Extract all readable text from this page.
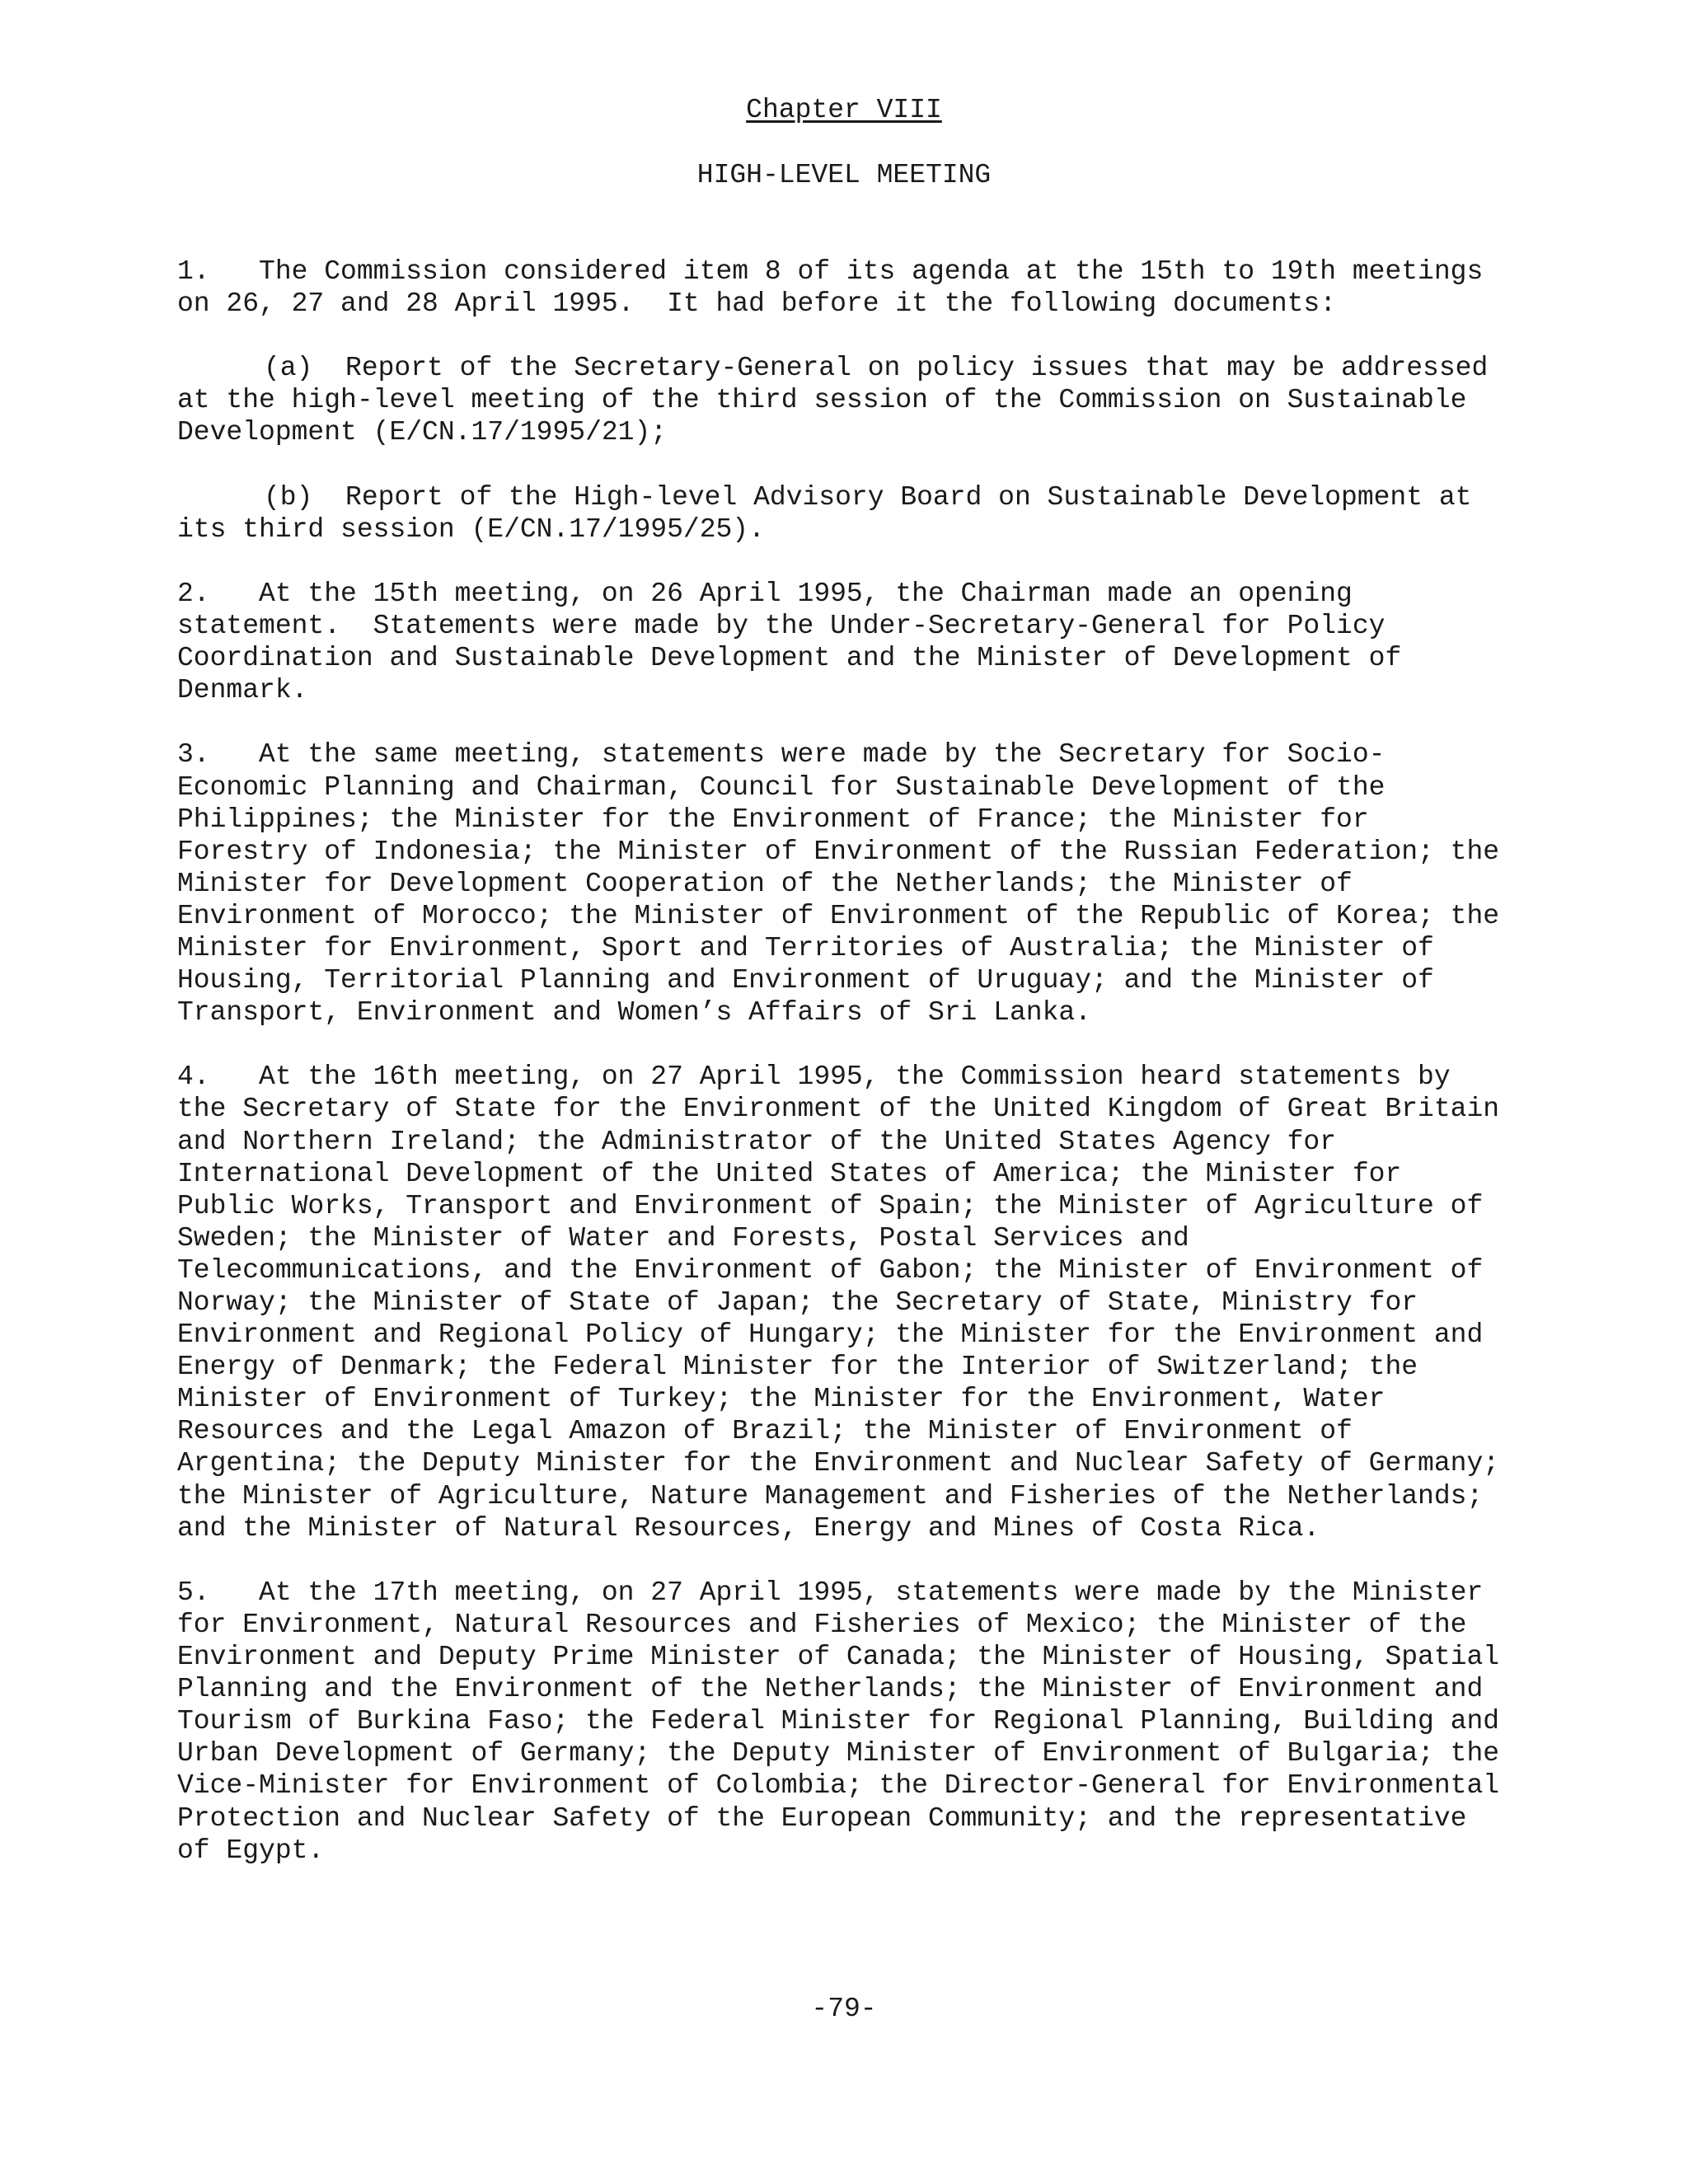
Chapter VIII

HIGH-LEVEL MEETING

1.   The Commission considered item 8 of its agenda at the 15th to 19th meetings on 26, 27 and 28 April 1995.  It had before it the following documents:

(a)  Report of the Secretary-General on policy issues that may be addressed at the high-level meeting of the third session of the Commission on Sustainable Development (E/CN.17/1995/21);

(b)  Report of the High-level Advisory Board on Sustainable Development at its third session (E/CN.17/1995/25).

2.   At the 15th meeting, on 26 April 1995, the Chairman made an opening statement.  Statements were made by the Under-Secretary-General for Policy Coordination and Sustainable Development and the Minister of Development of Denmark.

3.   At the same meeting, statements were made by the Secretary for Socio-Economic Planning and Chairman, Council for Sustainable Development of the Philippines; the Minister for the Environment of France; the Minister for Forestry of Indonesia; the Minister of Environment of the Russian Federation; the Minister for Development Cooperation of the Netherlands; the Minister of Environment of Morocco; the Minister of Environment of the Republic of Korea; the Minister for Environment, Sport and Territories of Australia; the Minister of Housing, Territorial Planning and Environment of Uruguay; and the Minister of Transport, Environment and Women’s Affairs of Sri Lanka.

4.   At the 16th meeting, on 27 April 1995, the Commission heard statements by the Secretary of State for the Environment of the United Kingdom of Great Britain and Northern Ireland; the Administrator of the United States Agency for International Development of the United States of America; the Minister for Public Works, Transport and Environment of Spain; the Minister of Agriculture of Sweden; the Minister of Water and Forests, Postal Services and Telecommunications, and the Environment of Gabon; the Minister of Environment of Norway; the Minister of State of Japan; the Secretary of State, Ministry for Environment and Regional Policy of Hungary; the Minister for the Environment and Energy of Denmark; the Federal Minister for the Interior of Switzerland; the Minister of Environment of Turkey; the Minister for the Environment, Water Resources and the Legal Amazon of Brazil; the Minister of Environment of Argentina; the Deputy Minister for the Environment and Nuclear Safety of Germany; the Minister of Agriculture, Nature Management and Fisheries of the Netherlands; and the Minister of Natural Resources, Energy and Mines of Costa Rica.

5.   At the 17th meeting, on 27 April 1995, statements were made by the Minister for Environment, Natural Resources and Fisheries of Mexico; the Minister of the Environment and Deputy Prime Minister of Canada; the Minister of Housing, Spatial Planning and the Environment of the Netherlands; the Minister of Environment and Tourism of Burkina Faso; the Federal Minister for Regional Planning, Building and Urban Development of Germany; the Deputy Minister of Environment of Bulgaria; the Vice-Minister for Environment of Colombia; the Director-General for Environmental Protection and Nuclear Safety of the European Community; and the representative of Egypt.

-79-
